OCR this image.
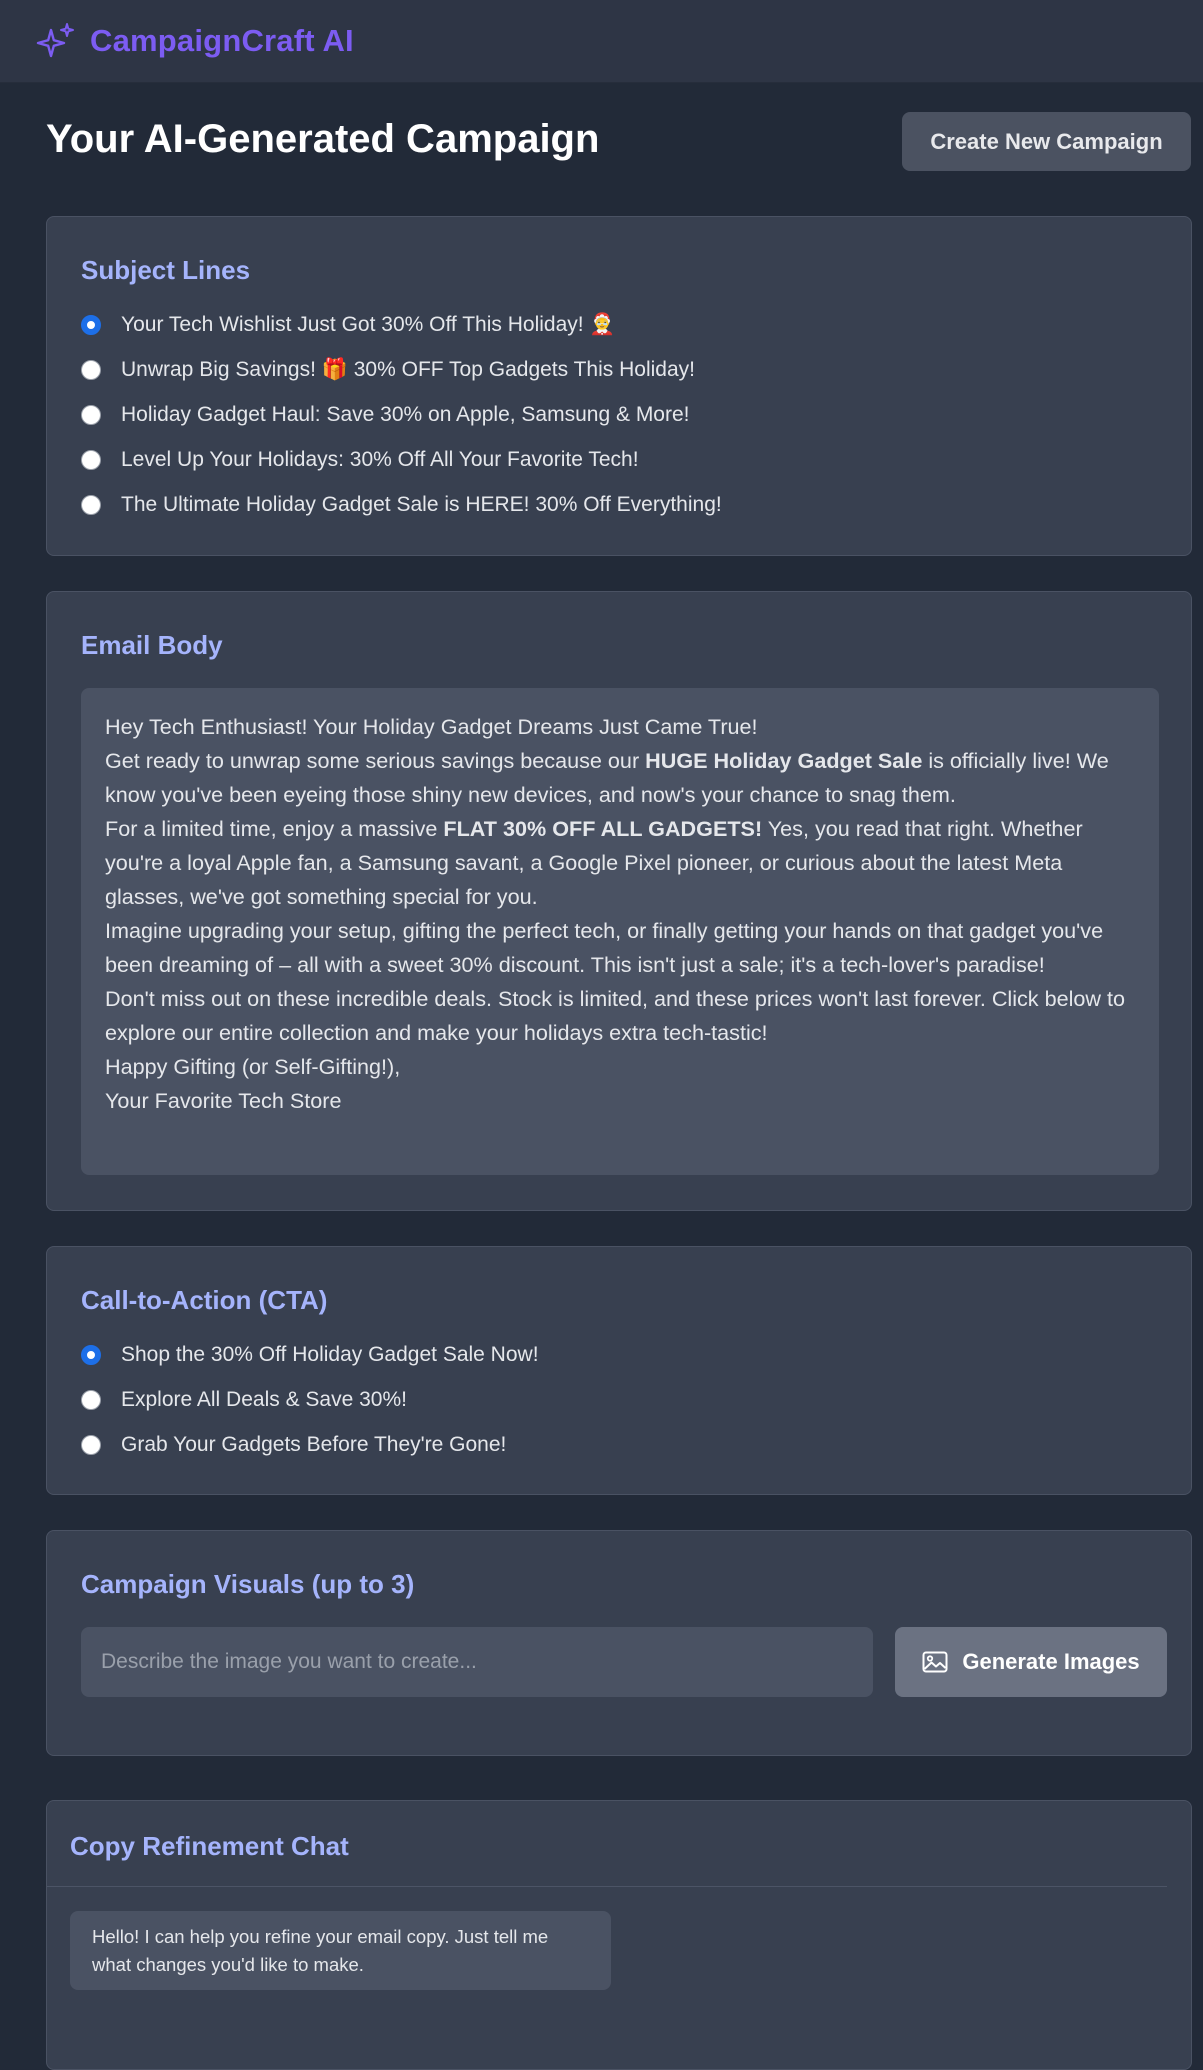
CampaignCraft AI
Your AI-Generated Campaign	Create New Campaign
Subject Lines
Your Tech Wishlist Just Got 30% Off This Holiday! 🤶
Unwrap Big Savings! 🎁 30% OFF Top Gadgets This Holiday!
Holiday Gadget Haul: Save 30% on Apple, Samsung & More!
Level Up Your Holidays: 30% Off All Your Favorite Tech!
The Ultimate Holiday Gadget Sale is HERE! 30% Off Everything!
Email Body

Hey Tech Enthusiast! Your Holiday Gadget Dreams Just Came True!

Get ready to unwrap some serious savings because our HUGE Holiday Gadget Sale is officially live! We know you've been eyeing those shiny new devices, and now's your chance to snag them.

For a limited time, enjoy a massive FLAT 30% OFF ALL GADGETS! Yes, you read that right. Whether you're a loyal Apple fan, a Samsung savant, a Google Pixel pioneer, or curious about the latest Meta glasses, we've got something special for you.

Imagine upgrading your setup, gifting the perfect tech, or finally getting your hands on that gadget you've been dreaming of – all with a sweet 30% discount. This isn't just a sale; it's a tech-lover's paradise!

Don't miss out on these incredible deals. Stock is limited, and these prices won't last forever. Click below to explore our entire collection and make your holidays extra tech-tastic!

Happy Gifting (or Self-Gifting!),

Your Favorite Tech Store

Call-to-Action (CTA)
Shop the 30% Off Holiday Gadget Sale Now!
Explore All Deals & Save 30%!
Grab Your Gadgets Before They're Gone!
Campaign Visuals (up to 3)
Describe the image you want to create...
Generate Images
Copy Refinement Chat
Hello! I can help you refine your email copy. Just tell me what changes you'd like to make.
